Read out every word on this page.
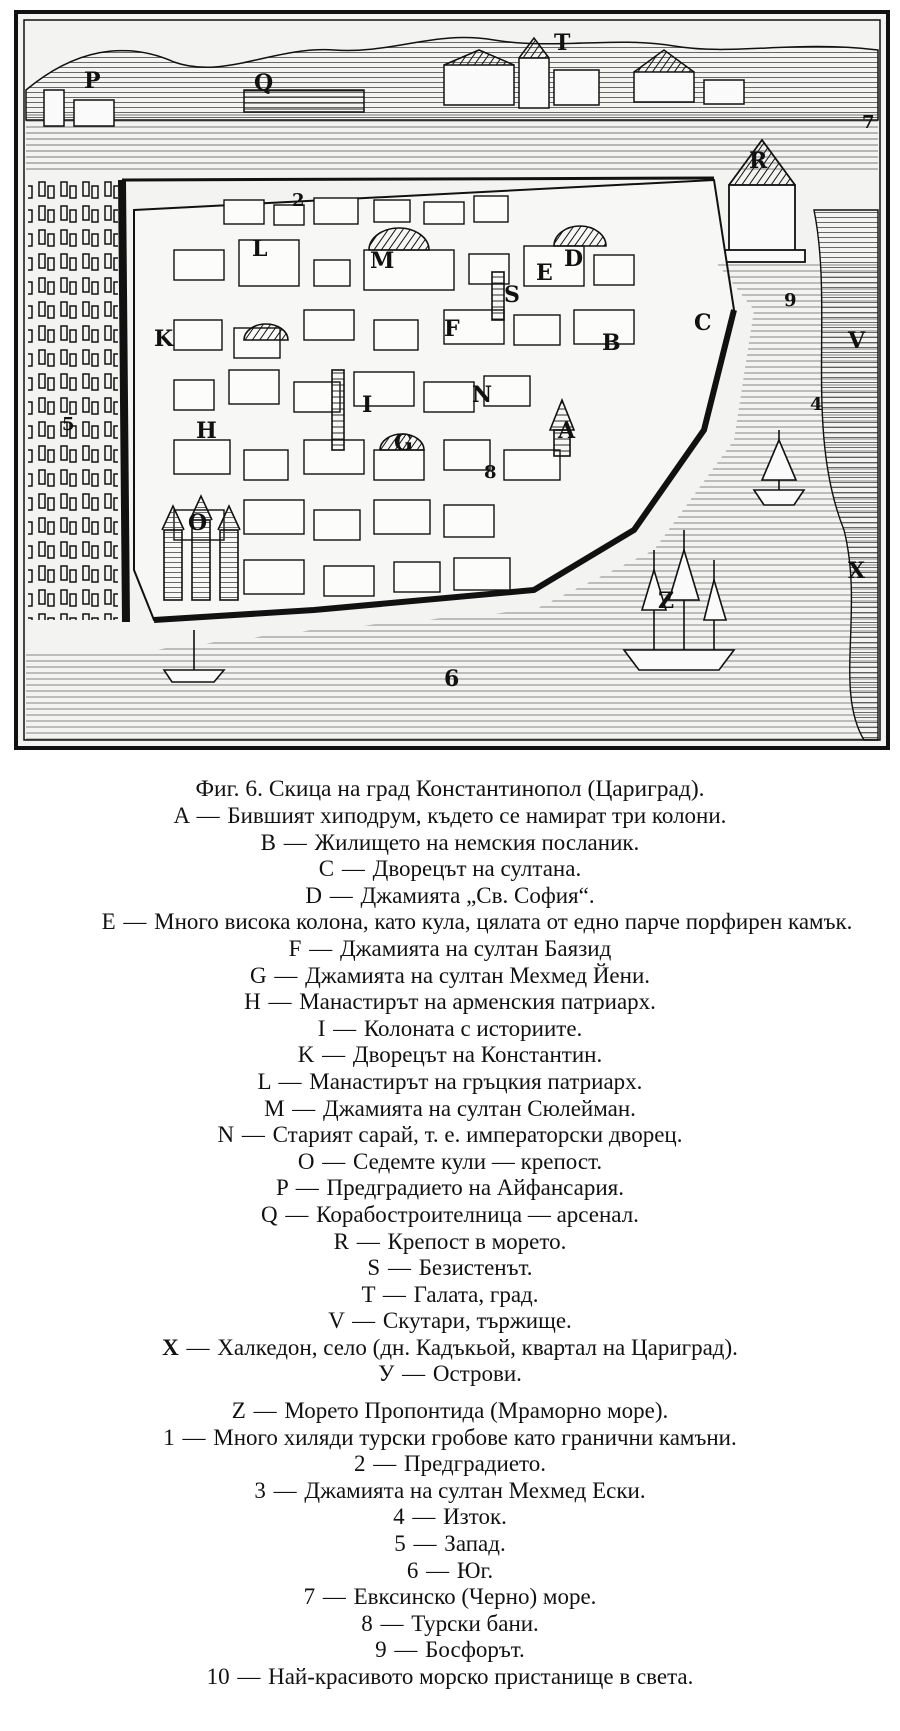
P	Q
T
R
L	M	E
D
K	F
S
C
B
N
I
H	G	A
O
Z
V
X
7
9
4
8
5
2
6
Фиг. 6. Скица на град Константинопол (Цариград).
A — Бившият хиподрум, където се намират три колони.
B — Жилището на немския посланик.
C — Дворецът на султана.
D — Джамията „Св. София“.
E — Много висока колона, като кула, цялата от едно парче порфирен камък.
F — Джамията на султан Баязид
G — Джамията на султан Мехмед Йени.
H — Манастирът на арменския патриарх.
I — Колоната с историите.
K — Дворецът на Константин.
L — Манастирът на гръцкия патриарх.
M — Джамията на султан Сюлейман.
N — Старият сарай, т. е. императорски дворец.
O — Седемте кули — крепост.
P — Предградието на Айфансария.
Q — Корабостроителница — арсенал.
R — Крепост в морето.
S — Безистенът.
T — Галата, град.
V — Скутари, тържище.
X — Халкедон, село (дн. Кадъкьой, квартал на Цариград).
У — Острови.
Z — Морето Пропонтида (Мраморно море).
1 — Много хиляди турски гробове като гранични камъни.
2 — Предградието.
3 — Джамията на султан Мехмед Ески.
4 — Изток.
5 — Запад.
6 — Юг.
7 — Евксинско (Черно) море.
8 — Турски бани.
9 — Босфорът.
10 — Най-красивото морско пристанище в света.
